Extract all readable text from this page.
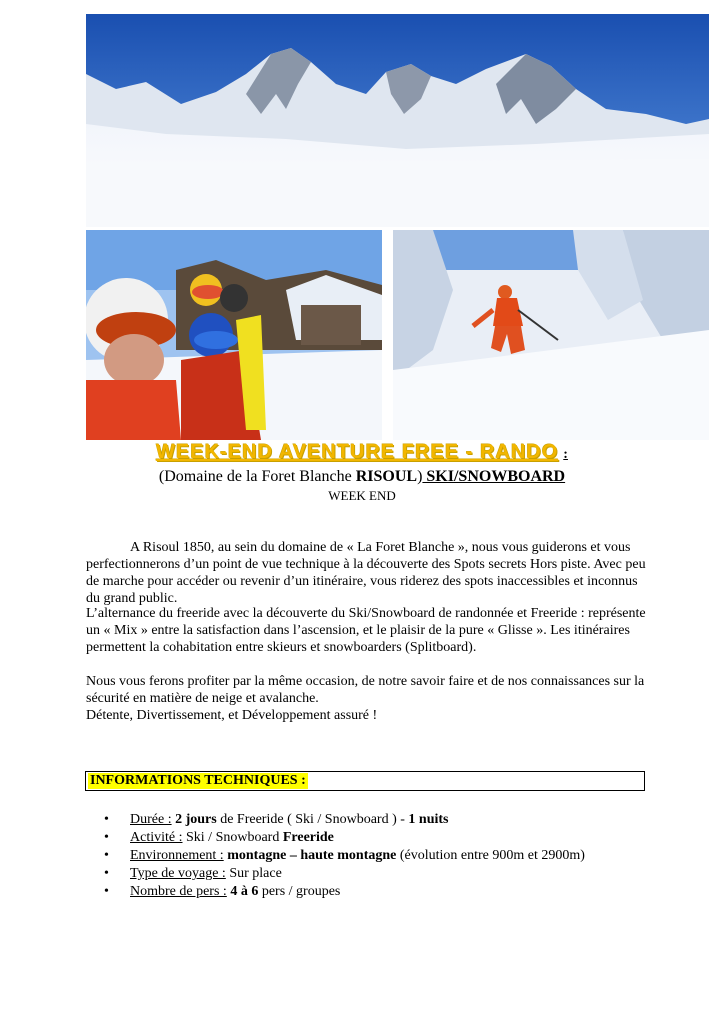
WEEK-END AVENTURE FREE - RANDO :
(Domaine de la Foret Blanche RISOUL) SKI/SNOWBOARD
WEEK END
A Risoul 1850, au sein du domaine de « La Foret Blanche », nous vous guiderons et vous perfectionnerons d’un point de vue technique à la découverte des Spots secrets Hors piste. Avec peu de marche pour accéder ou revenir d’un itinéraire, vous riderez des spots inaccessibles et inconnus du grand public.
L’alternance du freeride avec la découverte du Ski/Snowboard de randonnée et Freeride : représente un « Mix » entre la satisfaction dans l’ascension, et le plaisir de la pure « Glisse ». Les itinéraires permettent la cohabitation entre skieurs et snowboarders (Splitboard).
Nous vous ferons profiter par la même occasion, de notre savoir faire et de nos connaissances sur la sécurité en matière de neige et avalanche.
Détente, Divertissement, et Développement assuré !
INFORMATIONS TECHNIQUES :
• Durée : 2 jours de Freeride ( Ski / Snowboard ) - 1 nuits
• Activité : Ski / Snowboard Freeride
• Environnement : montagne – haute montagne (évolution entre 900m et 2900m)
• Type de voyage : Sur place
• Nombre de pers : 4 à 6 pers / groupes
